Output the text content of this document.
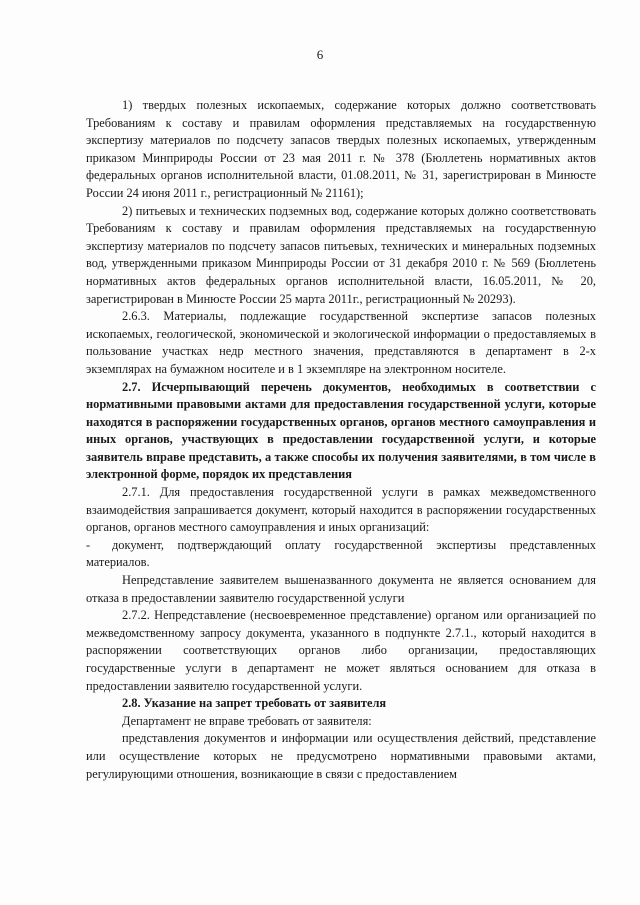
6

1) твердых полезных ископаемых, содержание которых должно соответствовать Требованиям к составу и правилам оформления представляемых на государственную экспертизу материалов по подсчету запасов твердых полезных ископаемых, утвержденным приказом Минприроды России от 23 мая 2011 г. № 378 (Бюллетень нормативных актов федеральных органов исполнительной власти, 01.08.2011, № 31, зарегистрирован в Минюсте России 24 июня 2011 г., регистрационный № 21161);

2) питьевых и технических подземных вод, содержание которых должно соответствовать Требованиям к составу и правилам оформления представляемых на государственную экспертизу материалов по подсчету запасов питьевых, технических и минеральных подземных вод, утвержденными приказом Минприроды России от 31 декабря 2010 г. № 569 (Бюллетень нормативных актов федеральных органов исполнительной власти, 16.05.2011, № 20, зарегистрирован в Минюсте России 25 марта 2011г., регистрационный № 20293).

2.6.3. Материалы, подлежащие государственной экспертизе запасов полезных ископаемых, геологической, экономической и экологической информации о предоставляемых в пользование участках недр местного значения, представляются в департамент в 2-х экземплярах на бумажном носителе и в 1 экземпляре на электронном носителе.

2.7. Исчерпывающий перечень документов, необходимых в соответствии с нормативными правовыми актами для предоставления государственной услуги, которые находятся в распоряжении государственных органов, органов местного самоуправления и иных органов, участвующих в предоставлении государственной услуги, и которые заявитель вправе представить, а также способы их получения заявителями, в том числе в электронной форме, порядок их представления

2.7.1. Для предоставления государственной услуги в рамках межведомственного взаимодействия запрашивается документ, который находится в распоряжении государственных органов, органов местного самоуправления и иных организаций:

- документ, подтверждающий оплату государственной экспертизы представленных материалов.

Непредставление заявителем вышеназванного документа не является основанием для отказа в предоставлении заявителю государственной услуги

2.7.2. Непредставление (несвоевременное представление) органом или организацией по межведомственному запросу документа, указанного в подпункте 2.7.1., который находится в распоряжении соответствующих органов либо организации, предоставляющих государственные услуги в департамент не может являться основанием для отказа в предоставлении заявителю государственной услуги.

2.8. Указание на запрет требовать от заявителя

Департамент не вправе требовать от заявителя:

представления документов и информации или осуществления действий, представление или осуществление которых не предусмотрено нормативными правовыми актами, регулирующими отношения, возникающие в связи с предоставлением
